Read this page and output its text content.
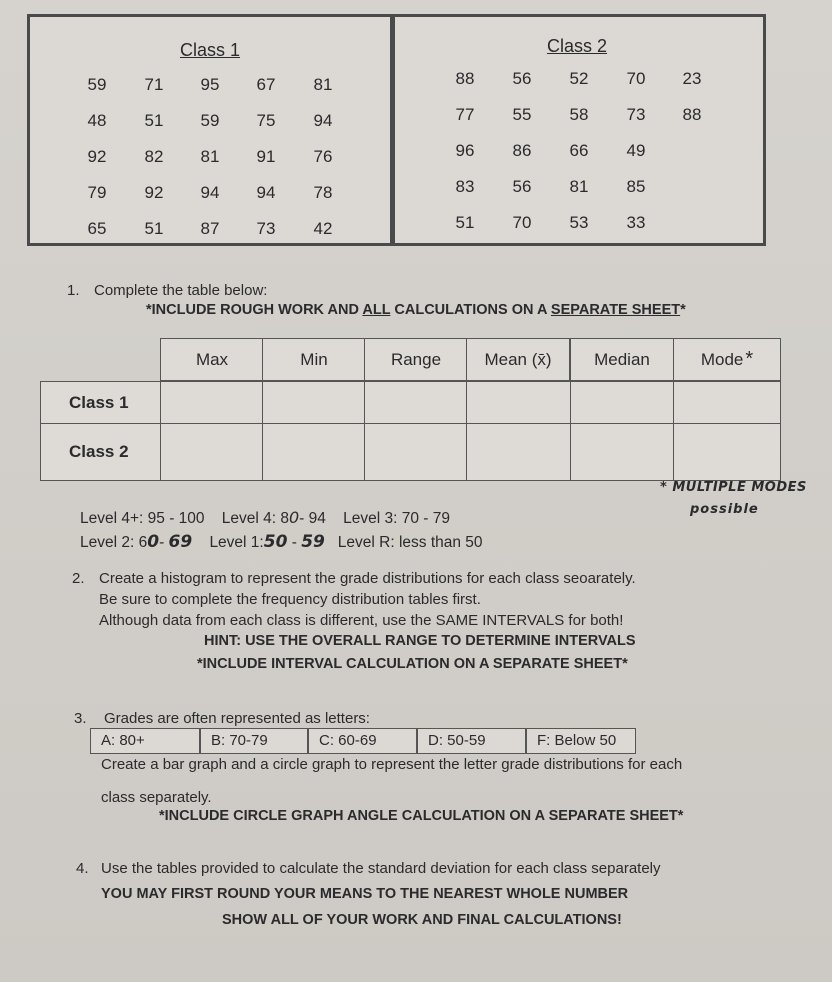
Class 1	Class 2
59	71	95	67	81
48	51	59	75	94
92	82	81	91	76
79	92	94	94	78
65	51	87	73	42
88	56	52	70	23
77	55	58	73	88
96	86	66	49
83	56	81	85
51	70	53	33
1. Complete the table below:
*INCLUDE ROUGH WORK AND ALL CALCULATIONS ON A SEPARATE SHEET*
Max	Min	Range	Mean (x̄)	Median	Mode *
Class 1
Class 2
* MULTIPLE MODES
possible
Level 4+: 95 - 100 Level 4: 80- 94 Level 3: 70 - 79
Level 2: 60- 69 Level 1:50 - 59 Level R: less than 50
2. Create a histogram to represent the grade distributions for each class seoarately.
Be sure to complete the frequency distribution tables first.
Although data from each class is different, use the SAME INTERVALS for both!
HINT: USE THE OVERALL RANGE TO DETERMINE INTERVALS
*INCLUDE INTERVAL CALCULATION ON A SEPARATE SHEET*
3. Grades are often represented as letters:
A: 80+	B: 70-79	C: 60-69	D: 50-59	F: Below 50
Create a bar graph and a circle graph to represent the letter grade distributions for each
class separately.
*INCLUDE CIRCLE GRAPH ANGLE CALCULATION ON A SEPARATE SHEET*
4. Use the tables provided to calculate the standard deviation for each class separately
YOU MAY FIRST ROUND YOUR MEANS TO THE NEAREST WHOLE NUMBER
SHOW ALL OF YOUR WORK AND FINAL CALCULATIONS!
